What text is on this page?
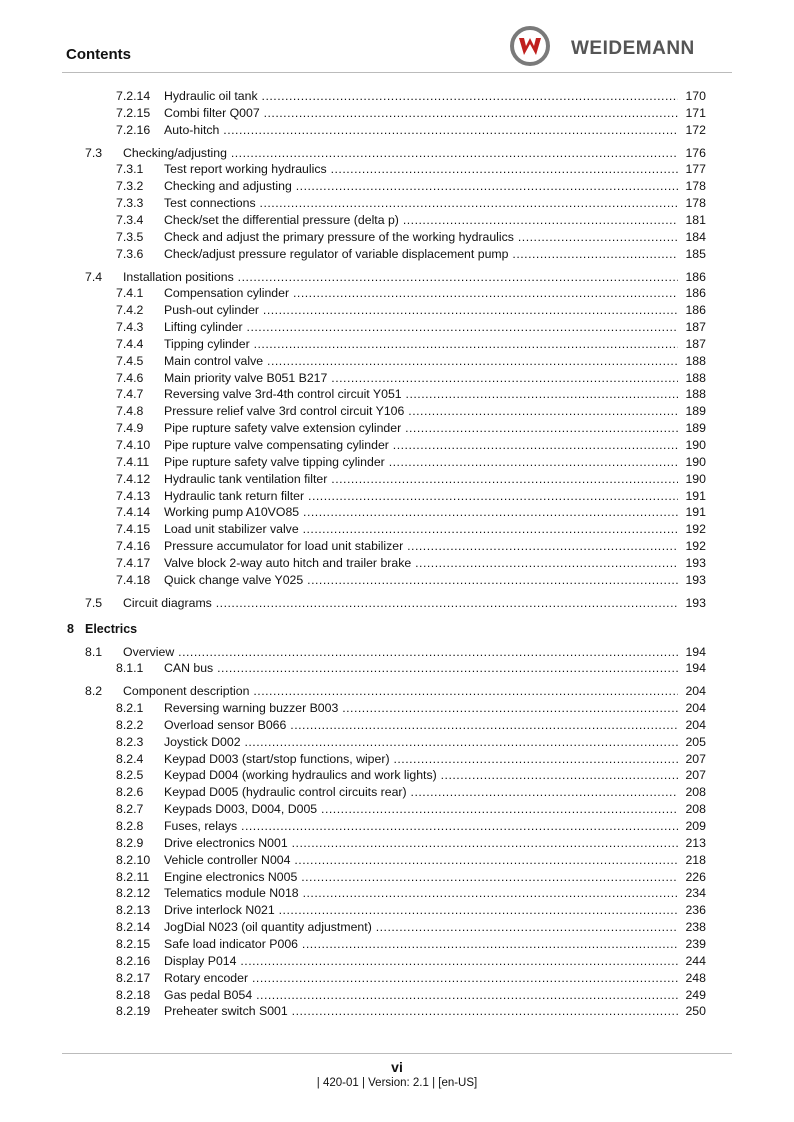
Contents	WEIDEMANN
7.2.14 Hydraulic oil tank .....	170
7.2.15 Combi filter Q007 .....	171
7.2.16 Auto-hitch .....	172
7.3 Checking/adjusting .....	176
7.3.1 Test report working hydraulics .....	177
7.3.2 Checking and adjusting .....	178
7.3.3 Test connections .....	178
7.3.4 Check/set the differential pressure (delta p) .....	181
7.3.5 Check and adjust the primary pressure of the working hydraulics .....	184
7.3.6 Check/adjust pressure regulator of variable displacement pump .....	185
7.4 Installation positions .....	186
7.4.1 Compensation cylinder .....	186
7.4.2 Push-out cylinder .....	186
7.4.3 Lifting cylinder .....	187
7.4.4 Tipping cylinder .....	187
7.4.5 Main control valve .....	188
7.4.6 Main priority valve B051 B217 .....	188
7.4.7 Reversing valve 3rd-4th control circuit Y051 .....	188
7.4.8 Pressure relief valve 3rd control circuit Y106 .....	189
7.4.9 Pipe rupture safety valve extension cylinder .....	189
7.4.10 Pipe rupture valve compensating cylinder .....	190
7.4.11 Pipe rupture safety valve tipping cylinder .....	190
7.4.12 Hydraulic tank ventilation filter .....	190
7.4.13 Hydraulic tank return filter .....	191
7.4.14 Working pump A10VO85 .....	191
7.4.15 Load unit stabilizer valve .....	192
7.4.16 Pressure accumulator for load unit stabilizer .....	192
7.4.17 Valve block 2-way auto hitch and trailer brake .....	193
7.4.18 Quick change valve Y025 .....	193
7.5 Circuit diagrams .....	193
8 Electrics
8.1 Overview .....	194
8.1.1 CAN bus .....	194
8.2 Component description .....	204
8.2.1 Reversing warning buzzer B003 .....	204
8.2.2 Overload sensor B066 .....	204
8.2.3 Joystick D002 .....	205
8.2.4 Keypad D003 (start/stop functions, wiper) .....	207
8.2.5 Keypad D004 (working hydraulics and work lights) .....	207
8.2.6 Keypad D005 (hydraulic control circuits rear) .....	208
8.2.7 Keypads D003, D004, D005 .....	208
8.2.8 Fuses, relays .....	209
8.2.9 Drive electronics N001 .....	213
8.2.10 Vehicle controller N004 .....	218
8.2.11 Engine electronics N005 .....	226
8.2.12 Telematics module N018 .....	234
8.2.13 Drive interlock N021 .....	236
8.2.14 JogDial N023 (oil quantity adjustment) .....	238
8.2.15 Safe load indicator P006 .....	239
8.2.16 Display P014 .....	244
8.2.17 Rotary encoder .....	248
8.2.18 Gas pedal B054 .....	249
8.2.19 Preheater switch S001 .....	250
vi
| 420-01 | Version: 2.1 | [en-US]
